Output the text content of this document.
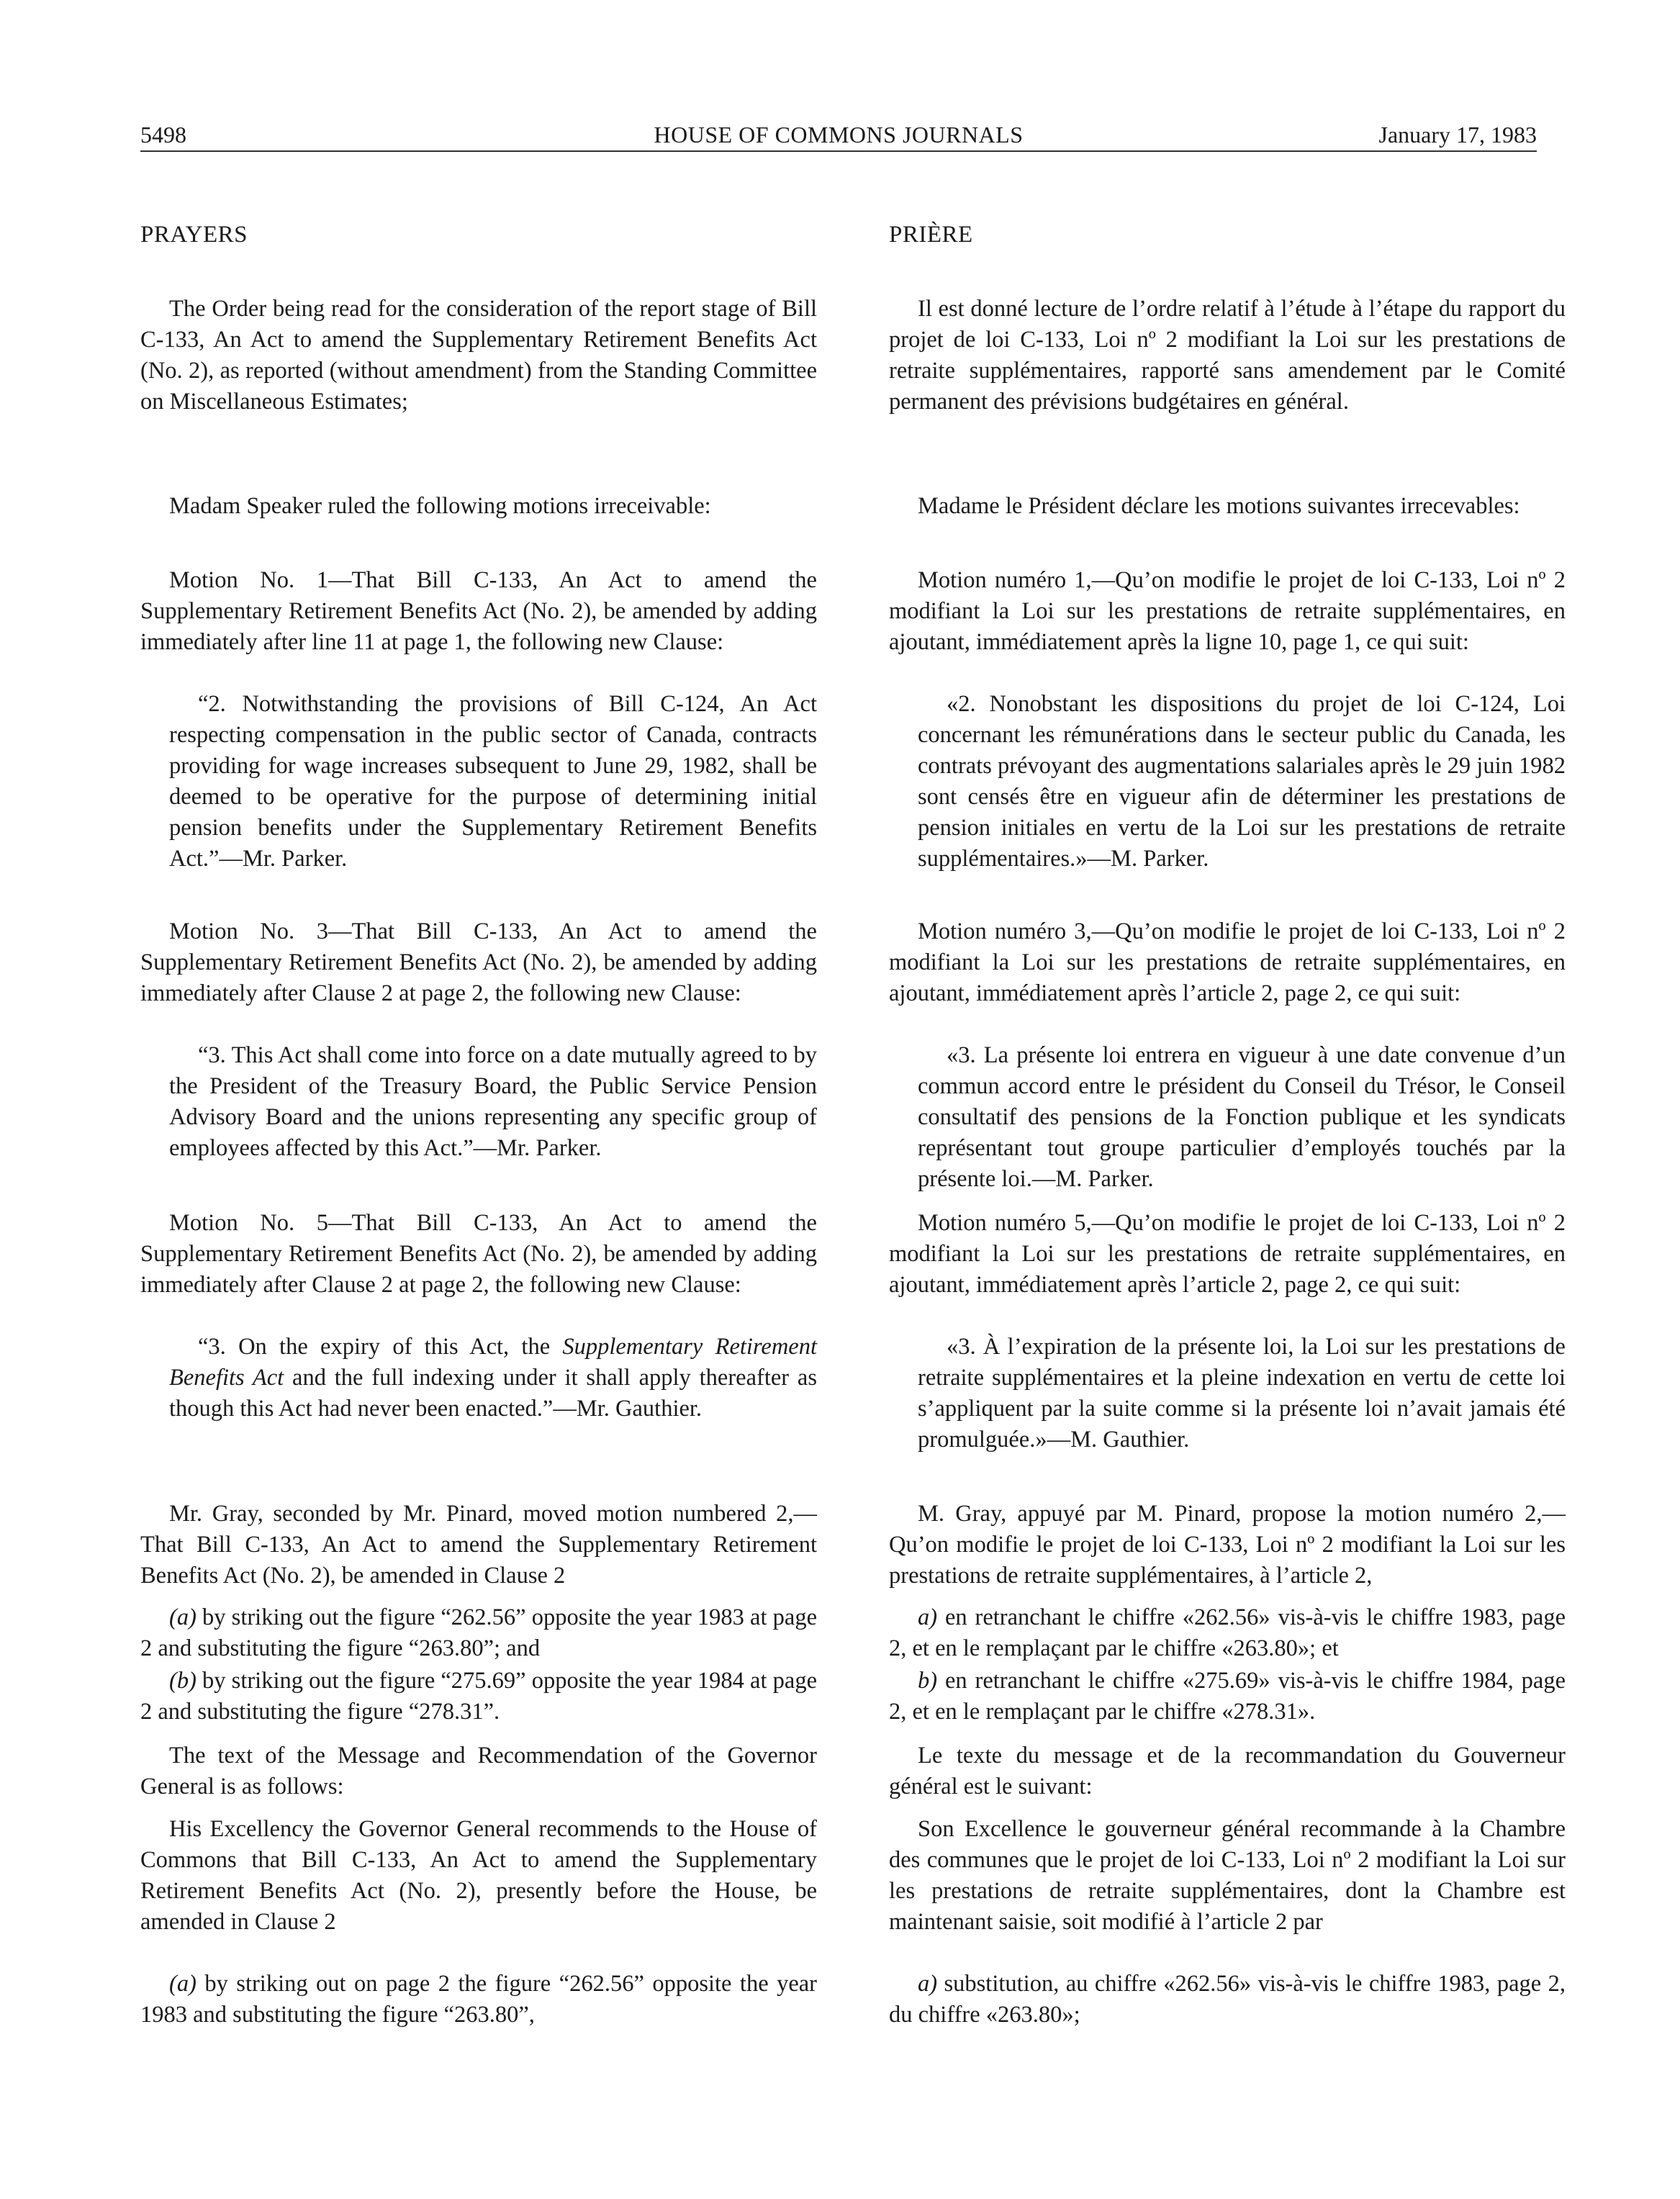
5498	HOUSE OF COMMONS JOURNALS	January 17, 1983

PRAYERS

The Order being read for the consideration of the report stage of Bill C-133, An Act to amend the Supplementary Retirement Benefits Act (No. 2), as reported (without amendment) from the Standing Committee on Miscellaneous Estimates;

Madam Speaker ruled the following motions irreceivable:

Motion No. 1—That Bill C-133, An Act to amend the Supplementary Retirement Benefits Act (No. 2), be amended by adding immediately after line 11 at page 1, the following new Clause:

“2. Notwithstanding the provisions of Bill C-124, An Act respecting compensation in the public sector of Canada, contracts providing for wage increases subsequent to June 29, 1982, shall be deemed to be operative for the purpose of determining initial pension benefits under the Supplementary Retirement Benefits Act.”—Mr. Parker.

Motion No. 3—That Bill C-133, An Act to amend the Supplementary Retirement Benefits Act (No. 2), be amended by adding immediately after Clause 2 at page 2, the following new Clause:

“3. This Act shall come into force on a date mutually agreed to by the President of the Treasury Board, the Public Service Pension Advisory Board and the unions representing any specific group of employees affected by this Act.”—Mr. Parker.

Motion No. 5—That Bill C-133, An Act to amend the Supplementary Retirement Benefits Act (No. 2), be amended by adding immediately after Clause 2 at page 2, the following new Clause:

“3. On the expiry of this Act, the Supplementary Retirement Benefits Act and the full indexing under it shall apply thereafter as though this Act had never been enacted.”—Mr. Gauthier.

Mr. Gray, seconded by Mr. Pinard, moved motion numbered 2,—That Bill C-133, An Act to amend the Supplementary Retirement Benefits Act (No. 2), be amended in Clause 2

(a) by striking out the figure “262.56” opposite the year 1983 at page 2 and substituting the figure “263.80”; and

(b) by striking out the figure “275.69” opposite the year 1984 at page 2 and substituting the figure “278.31”.

The text of the Message and Recommendation of the Governor General is as follows:

His Excellency the Governor General recommends to the House of Commons that Bill C-133, An Act to amend the Supplementary Retirement Benefits Act (No. 2), presently before the House, be amended in Clause 2

(a) by striking out on page 2 the figure “262.56” opposite the year 1983 and substituting the figure “263.80”,

PRIÈRE

Il est donné lecture de l’ordre relatif à l’étude à l’étape du rapport du projet de loi C-133, Loi nº 2 modifiant la Loi sur les prestations de retraite supplémentaires, rapporté sans amendement par le Comité permanent des prévisions budgétaires en général.

Madame le Président déclare les motions suivantes irrecevables:

Motion numéro 1,—Qu’on modifie le projet de loi C-133, Loi nº 2 modifiant la Loi sur les prestations de retraite supplémentaires, en ajoutant, immédiatement après la ligne 10, page 1, ce qui suit:

«2. Nonobstant les dispositions du projet de loi C-124, Loi concernant les rémunérations dans le secteur public du Canada, les contrats prévoyant des augmentations salariales après le 29 juin 1982 sont censés être en vigueur afin de déterminer les prestations de pension initiales en vertu de la Loi sur les prestations de retraite supplémentaires.»—M. Parker.

Motion numéro 3,—Qu’on modifie le projet de loi C-133, Loi nº 2 modifiant la Loi sur les prestations de retraite supplémentaires, en ajoutant, immédiatement après l’article 2, page 2, ce qui suit:

«3. La présente loi entrera en vigueur à une date convenue d’un commun accord entre le président du Conseil du Trésor, le Conseil consultatif des pensions de la Fonction publique et les syndicats représentant tout groupe particulier d’employés touchés par la présente loi.—M. Parker.

Motion numéro 5,—Qu’on modifie le projet de loi C-133, Loi nº 2 modifiant la Loi sur les prestations de retraite supplémentaires, en ajoutant, immédiatement après l’article 2, page 2, ce qui suit:

«3. À l’expiration de la présente loi, la Loi sur les prestations de retraite supplémentaires et la pleine indexation en vertu de cette loi s’appliquent par la suite comme si la présente loi n’avait jamais été promulguée.»—M. Gauthier.

M. Gray, appuyé par M. Pinard, propose la motion numéro 2,—Qu’on modifie le projet de loi C-133, Loi nº 2 modifiant la Loi sur les prestations de retraite supplémentaires, à l’article 2,

a) en retranchant le chiffre «262.56» vis-à-vis le chiffre 1983, page 2, et en le remplaçant par le chiffre «263.80»; et

b) en retranchant le chiffre «275.69» vis-à-vis le chiffre 1984, page 2, et en le remplaçant par le chiffre «278.31».

Le texte du message et de la recommandation du Gouverneur général est le suivant:

Son Excellence le gouverneur général recommande à la Chambre des communes que le projet de loi C-133, Loi nº 2 modifiant la Loi sur les prestations de retraite supplémentaires, dont la Chambre est maintenant saisie, soit modifié à l’article 2 par

a) substitution, au chiffre «262.56» vis-à-vis le chiffre 1983, page 2, du chiffre «263.80»;
